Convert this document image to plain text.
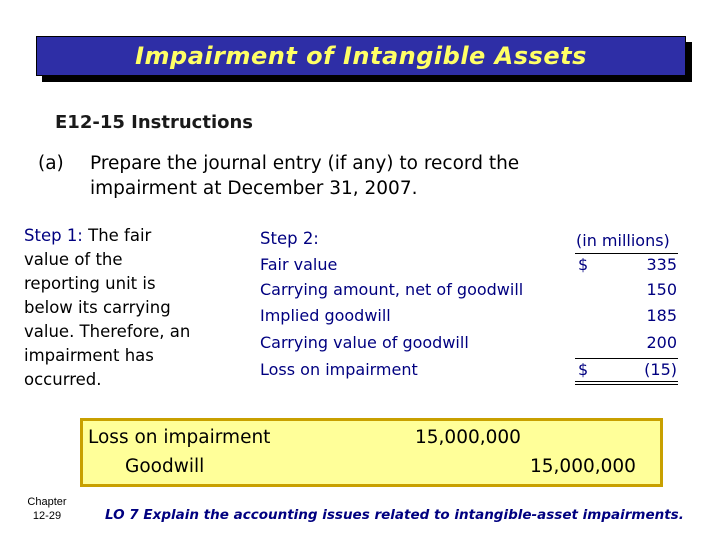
Impairment of Intangible Assets
E12-15 Instructions
(a) Prepare the journal entry (if any) to record the
impairment at December 31, 2007.
Step 1: The fair
value of the
reporting unit is
below its carrying
value. Therefore, an
impairment has
occurred.
Step 2:	(in millions)
Fair value	$	335
Carrying amount, net of goodwill	150
Implied goodwill	185
Carrying value of goodwill	200
Loss on impairment	$	(15)
Loss on impairment	15,000,000
Goodwill	15,000,000
Chapter
12-29	LO 7 Explain the accounting issues related to intangible-asset impairments.
